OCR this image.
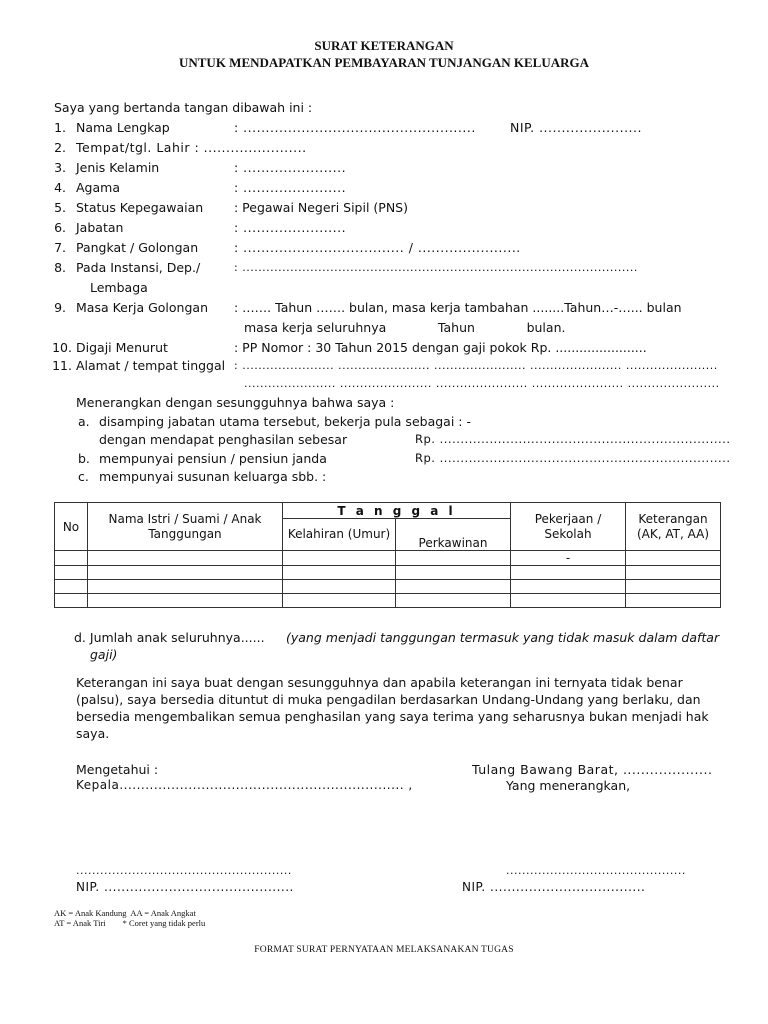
SURAT KETERANGAN
UNTUK MENDAPATKAN PEMBAYARAN TUNJANGAN KELUARGA
Saya yang bertanda tangan dibawah ini :
1. Nama Lengkap	: ....................................................	NIP. .......................
2. Tempat/tgl. Lahir : .......................
3. Jenis Kelamin	: .......................
4. Agama	: .......................
5. Status Kepegawaian : Pegawai Negeri Sipil (PNS)
6. Jabatan	: .......................
7. Pangkat / Golongan	: .................................... / .......................
8. Pada Instansi, Dep./	: ...................................................................................................
Lembaga
9. Masa Kerja Golongan : ……. Tahun ……. bulan, masa kerja tambahan ........Tahun…-…... bulan
masa kerja seluruhnya             Tahun             bulan.
10. Digaji Menurut	: PP Nomor : 30 Tahun 2015 dengan gaji pokok Rp. .......................
11. Alamat / tempat tinggal : ....................... ....................... ....................... ....................... .......................
....................... ....................... ....................... ....................... .......................
Menerangkan dengan sesungguhnya bahwa saya :
a. disamping jabatan utama tersebut, bekerja pula sebagai : -
dengan mendapat penghasilan sebesar	Rp. ......................................................................
b. mempunyai pensiun / pensiun janda	Rp. ......................................................................
c. mempunyai susunan keluarga sbb. :
No	Nama Istri / Suami / Anak Tanggungan	T a n g g a l		Pekerjaan / Sekolah	Keterangan (AK, AT, AA)
		Kelahiran (Umur)	Perkawinan		
				-	

d. Jumlah anak seluruhnya...... (yang menjadi tanggungan termasuk yang tidak masuk dalam daftar
gaji)
Keterangan ini saya buat dengan sesungguhnya dan apabila keterangan ini ternyata tidak benar
(palsu), saya bersedia dituntut di muka pengadilan berdasarkan Undang-Undang yang berlaku, dan
bersedia mengembalikan semua penghasilan yang saya terima yang seharusnya bukan menjadi hak
saya.
Mengetahui :
Kepala.................................................................. ,
Tulang Bawang Barat, ....................
Yang menerangkan,
......................................................
NIP. ............................................
.............................................
NIP. ....................................
AK = Anak Kandung  AA = Anak Angkat
AT = Anak Tiri        * Coret yang tidak perlu
FORMAT SURAT PERNYATAAN MELAKSANAKAN TUGAS
